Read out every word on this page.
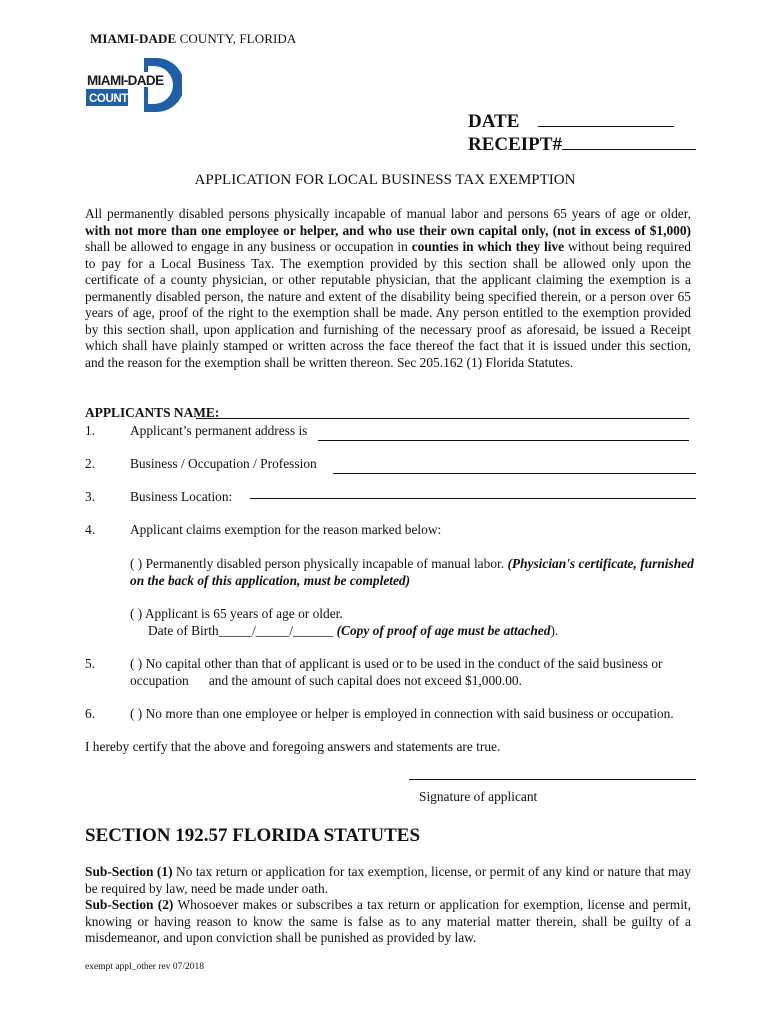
MIAMI-DADE COUNTY, FLORIDA
MIAMI-DADE
COUNTY
DATE
RECEIPT#
APPLICATION FOR LOCAL BUSINESS TAX EXEMPTION
All permanently disabled persons physically incapable of manual labor and persons 65 years of age or older, with not more than one employee or helper, and who use their own capital only, (not in excess of $1,000) shall be allowed to engage in any business or occupation in counties in which they live without being required to pay for a Local Business Tax. The exemption provided by this section shall be allowed only upon the certificate of a county physician, or other reputable physician, that the applicant claiming the exemption is a permanently disabled person, the nature and extent of the disability being specified therein, or a person over 65 years of age, proof of the right to the exemption shall be made. Any person entitled to the exemption provided by this section shall, upon application and furnishing of the necessary proof as aforesaid, be issued a Receipt which shall have plainly stamped or written across the face thereof the fact that it is issued under this section, and the reason for the exemption shall be written thereon. Sec 205.162 (1) Florida Statutes.
APPLICANTS NAME:
1.	Applicant’s permanent address is
2.	Business / Occupation / Profession
3.	Business Location:
4.	Applicant claims exemption for the reason marked below:
( ) Permanently disabled person physically incapable of manual labor. (Physician's certificate, furnished
on the back of this application, must be completed)
( ) Applicant is 65 years of age or older.
Date of Birth_____/_____/______ (Copy of proof of age must be attached).
5.	( ) No capital other than that of applicant is used or to be used in the conduct of the said business or
occupation      and the amount of such capital does not exceed $1,000.00.
6.	( ) No more than one employee or helper is employed in connection with said business or occupation.
I hereby certify that the above and foregoing answers and statements are true.
Signature of applicant
SECTION 192.57 FLORIDA STATUTES
Sub-Section (1) No tax return or application for tax exemption, license, or permit of any kind or nature that may be required by law, need be made under oath.
Sub-Section (2) Whosoever makes or subscribes a tax return or application for exemption, license and permit, knowing or having reason to know the same is false as to any material matter therein, shall be guilty of a misdemeanor, and upon conviction shall be punished as provided by law.
exempt appl_other rev 07/2018
